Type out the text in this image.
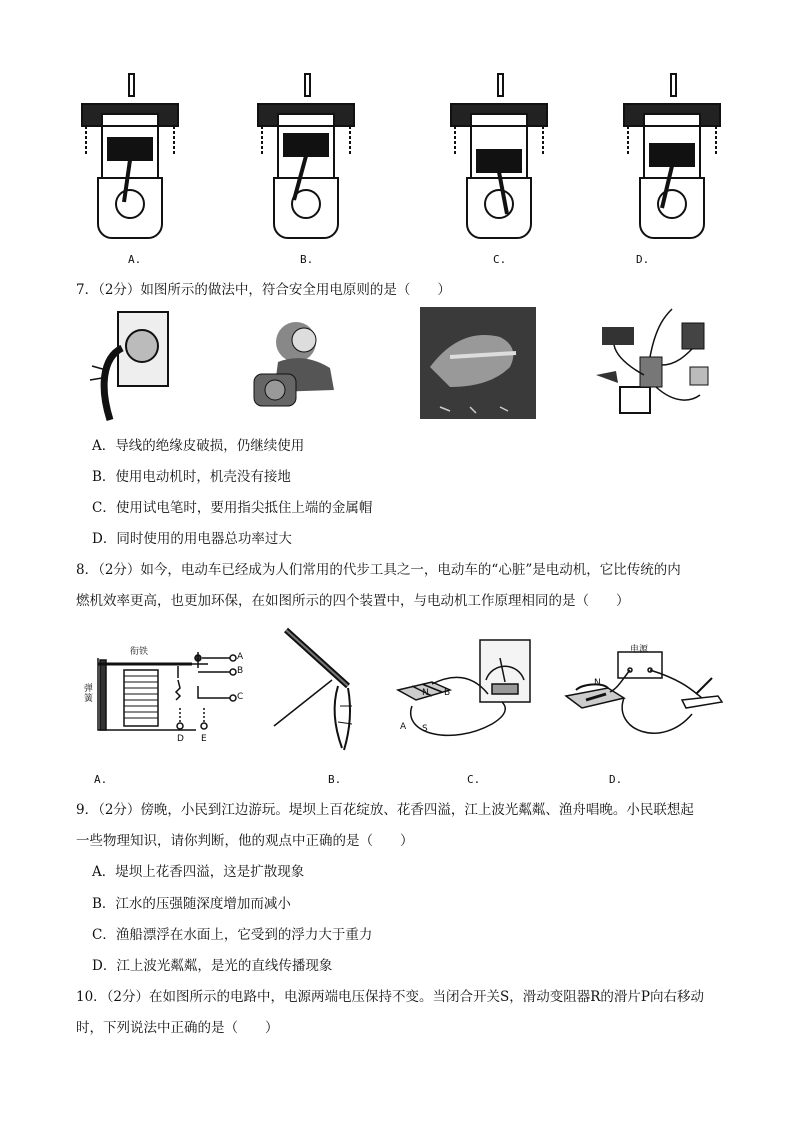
A.	B.	C.	D.
7．（2分）如图所示的做法中，符合安全用电原则的是（　　）
A．导线的绝缘皮破损，仍继续使用
B．使用电动机时，机壳没有接地
C．使用试电笔时，要用指尖抵住上端的金属帽
D．同时使用的用电器总功率过大
8．（2分）如今，电动车已经成为人们常用的代步工具之一，电动车的“心脏”是电动机，它比传统的内
燃机效率更高，也更加环保，在如图所示的四个装置中，与电动机工作原理相同的是（　　）
衔铁
弹簧
A
B
C
D E
N B
A S
电源
N
A.	B.	C.	D.
9．（2分）傍晚，小民到江边游玩。堤坝上百花绽放、花香四溢，江上波光粼粼、渔舟唱晚。小民联想起
一些物理知识，请你判断，他的观点中正确的是（　　）
A．堤坝上花香四溢，这是扩散现象
B．江水的压强随深度增加而减小
C．渔船漂浮在水面上，它受到的浮力大于重力
D．江上波光粼粼，是光的直线传播现象
10．（2分）在如图所示的电路中，电源两端电压保持不变。当闭合开关S，滑动变阻器R的滑片P向右移动
时，下列说法中正确的是（　　）
